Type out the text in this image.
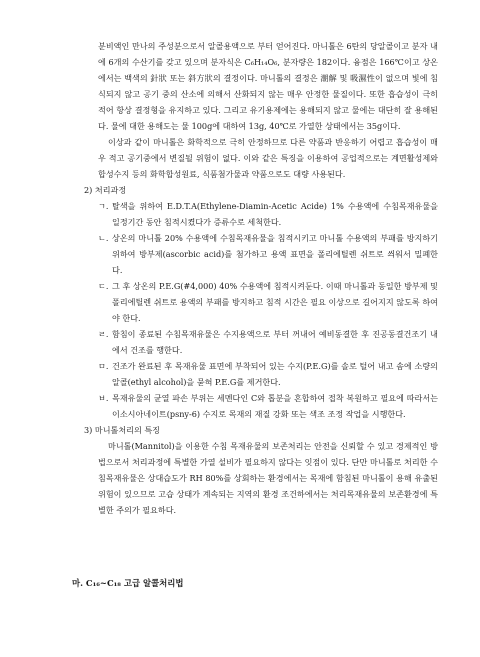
분비액인 만나의 주성분으로서 알콜용액으로 부터 얻어진다. 마니톨은 6탄의 당알콜이고 분자 내에 6개의 수산기를 갖고 있으며 분자식은 C₆H₁₄O₆, 분자량은 182이다. 융점은 166℃이고 상온에서는 백색의 針狀 또는 斜方狀의 결정이다. 마니톨의 결정은 潮解 및 吸濕性이 없으며 빛에 침식되지 않고 공기 중의 산소에 의해서 산화되지 않는 매우 안정한 물질이다. 또한 흡습성이 극히 적어 항상 결정형을 유지하고 있다. 그리고 유기용제에는 용해되지 않고 물에는 대단히 잘 용해된다. 물에 대한 용해도는 물 100g에 대하여 13g, 40℃로 가열한 상태에서는 35g이다.

이상과 같이 마니톨은 화학적으로 극히 안정하므로 다른 약품과 반응하기 어렵고 흡습성이 매우 적고 공기중에서 변질될 위험이 없다. 이와 같은 특징을 이용하여 공업적으로는 계면활성제와 합성수지 등의 화학합성원료, 식품첨가물과 약품으로도 대량 사용된다.

2) 처리과정

ㄱ. 탈색을 위하여 E.D.T.A(Ethylene-Diamin-Acetic Acide) 1% 수용액에 수침목재유물을 일정기간 동안 침적시켰다가 증류수로 세척한다.

ㄴ. 상온의 마니톨 20% 수용액에 수침목재유물을 침적시키고 마니톨 수용액의 부패를 방지하기 위하여 방부제(ascorbic acid)를 첨가하고 용액 표면을 폴리에틸렌 쉬트로 씌워서 밀폐한다.

ㄷ. 그 후 상온의 P.E.G(#4,000) 40% 수용액에 침적시켜둔다. 이때 마니톨과 동일한 방부제 및 폴리에틸렌 쉬트로 용액의 부패를 방지하고 침적 시간은 필요 이상으로 길어지지 않도록 하여야 한다.

ㄹ. 함침이 종료된 수침목재유물은 수지용액으로 부터 꺼내어 예비동결한 후 진공동결건조기 내에서 건조를 행한다.

ㅁ. 건조가 완료된 후 목재유물 표면에 부착되어 있는 수지(P.E.G)를 솔로 털어 내고 솜에 소량의 알콜(ethyl alcohol)을 묻혀 P.E.G를 제거한다.

ㅂ. 목재유물의 균열 파손 부위는 세멘다인 C와 톱분을 혼합하여 접착 복원하고 필요에 따라서는 이소시아네이트(psny-6) 수지로 목재의 재질 강화 또는 색조 조정 작업을 시행한다.

3) 마니톨처리의 특징

마니톨(Mannitol)을 이용한 수침 목재유물의 보존처리는 안전을 신뢰할 수 있고 경제적인 방법으로서 처리과정에 특별한 가열 설비가 필요하지 않다는 잇점이 있다. 단만 마니톨로 처리한 수침목재유물은 상대습도가 RH 80%를 상회하는 환경에서는 목재에 함침된 마니톨이 용해 유출된 위험이 있으므로 고습 상태가 계속되는 지역의 환경 조건하에서는 처리목재유물의 보존환경에 특별한 주의가 필요하다.

마. C₁₆~C₁₈ 고급 알콜처리법
